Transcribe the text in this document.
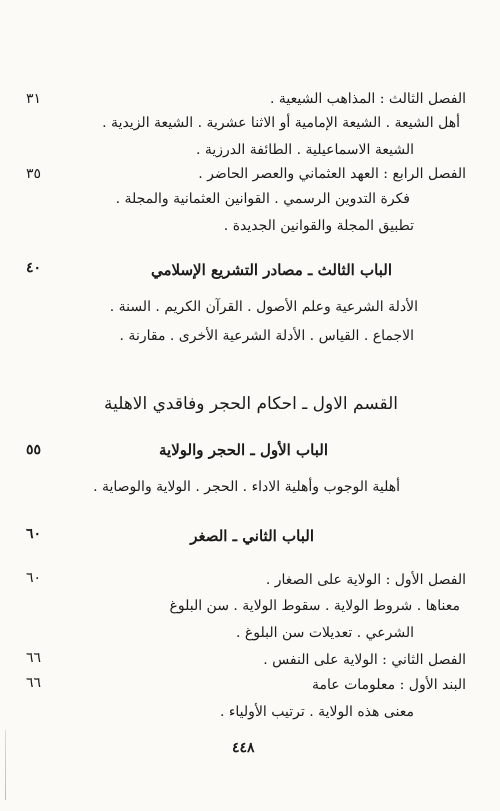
الفصل الثالث : المذاهب الشيعية .
٣١
أهل الشيعة . الشيعة الإمامية أو الاثنا عشرية . الشيعة الزيدية .
الشيعة الاسماعيلية . الطائفة الدرزية .
الفصل الرابع : العهد العثماني والعصر الحاضر .
٣٥
فكرة التدوين الرسمي . القوانين العثمانية والمجلة .
تطبيق المجلة والقوانين الجديدة .
الباب الثالث ـ مصادر التشريع الإسلامي
٤٠
الأدلة الشرعية وعلم الأصول . القرآن الكريم . السنة .
الاجماع . القياس . الأدلة الشرعية الأخرى . مقارنة .
القسم الاول ـ احكام الحجر وفاقدي الاهلية
الباب الأول ـ الحجر والولاية
٥٥
أهلية الوجوب وأهلية الاداء . الحجر . الولاية والوصاية .
الباب الثاني ـ الصغر
٦٠
الفصل الأول : الولاية على الصغار .
٦٠
معناها . شروط الولاية . سقوط الولاية . سن البلوغ
الشرعي . تعديلات سن البلوغ .
الفصل الثاني : الولاية على النفس .
٦٦
البند الأول : معلومات عامة
٦٦
معنى هذه الولاية . ترتيب الأولياء .
٤٤٨
